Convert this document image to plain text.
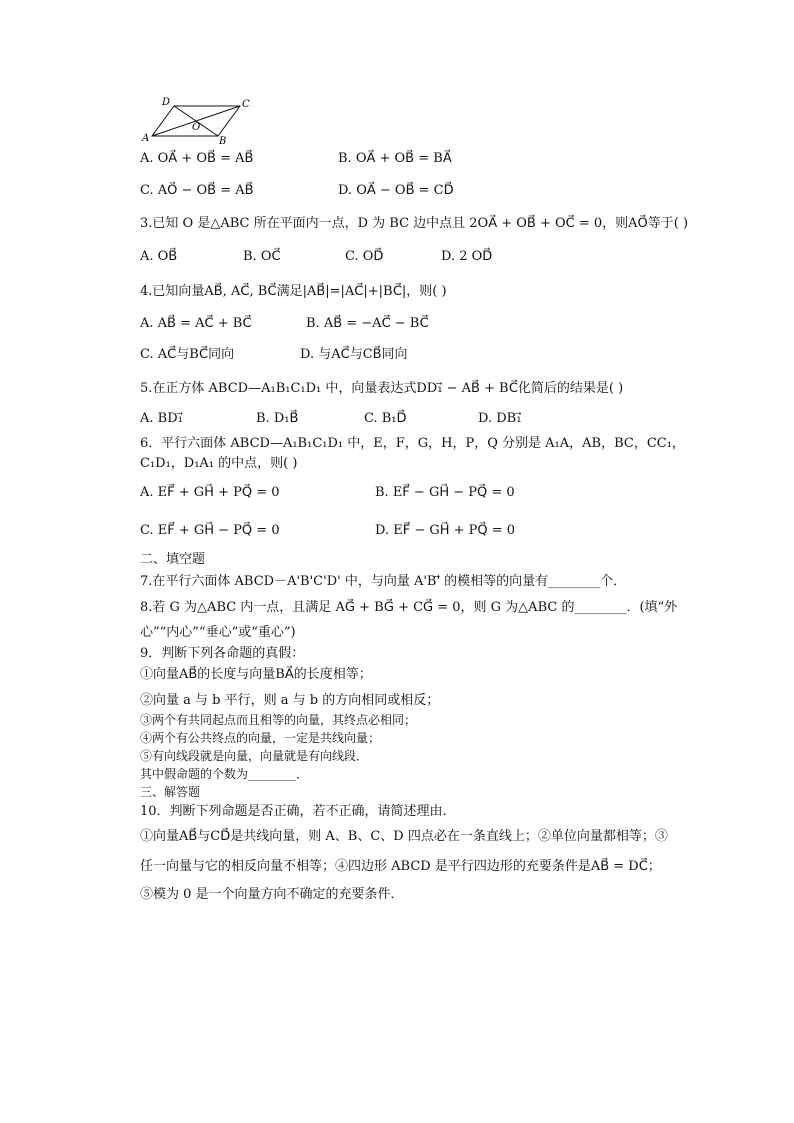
D	C
A	B
O
A. OA⃗ + OB⃗ = AB⃗	B. OA⃗ + OB⃗ = BA⃗
C. AO⃗ − OB⃗ = AB⃗	D. OA⃗ − OB⃗ = CD⃗
3.已知 O 是△ABC 所在平面内一点，D 为 BC 边中点且 2OA⃗ + OB⃗ + OC⃗ = 0，则AO⃗等于( )
A. OB⃗	B. OC⃗	C. OD⃗	D. 2 OD⃗
4.已知向量AB⃗, AC⃗, BC⃗满足|AB⃗|=|AC⃗|+|BC⃗|，则( )
A. AB⃗ = AC⃗ + BC⃗	B. AB⃗ = −AC⃗ − BC⃗
C. AC⃗与BC⃗同向	D. 与AC⃗与CB⃗同向
5.在正方体 ABCD—A₁B₁C₁D₁ 中，向量表达式DD₁⃗ − AB⃗ + BC⃗化简后的结果是( )
A. BD₁⃗	B. D₁B⃗	C. B₁D⃗	D. DB₁⃗
6．平行六面体 ABCD—A₁B₁C₁D₁ 中，E，F，G，H，P，Q 分别是 A₁A，AB，BC，CC₁，
C₁D₁，D₁A₁ 的中点，则( )
A. EF⃗ + GH⃗ + PQ⃗ = 0	B. EF⃗ − GH⃗ − PQ⃗ = 0
C. EF⃗ + GH⃗ − PQ⃗ = 0	D. EF⃗ − GH⃗ + PQ⃗ = 0
二、填空题
7.在平行六面体 ABCD－A'B'C'D' 中，与向量 A'B'⃗ 的模相等的向量有________个．
8.若 G 为△ABC 内一点，且满足 AG⃗ + BG⃗ + CG⃗ = 0，则 G 为△ABC 的________．(填“外
心”“内心”“垂心”或“重心”)
9．判断下列各命题的真假：
①向量AB⃗的长度与向量BA⃗的长度相等；
②向量 a 与 b 平行，则 a 与 b 的方向相同或相反；
③两个有共同起点而且相等的向量，其终点必相同；
④两个有公共终点的向量，一定是共线向量；
⑤有向线段就是向量，向量就是有向线段．
其中假命题的个数为________．
三、解答题
10．判断下列命题是否正确，若不正确，请简述理由．
①向量AB⃗与CD⃗是共线向量，则 A、B、C、D 四点必在一条直线上；②单位向量都相等；③
任一向量与它的相反向量不相等；④四边形 ABCD 是平行四边形的充要条件是AB⃗ = DC⃗；
⑤模为 0 是一个向量方向不确定的充要条件．
